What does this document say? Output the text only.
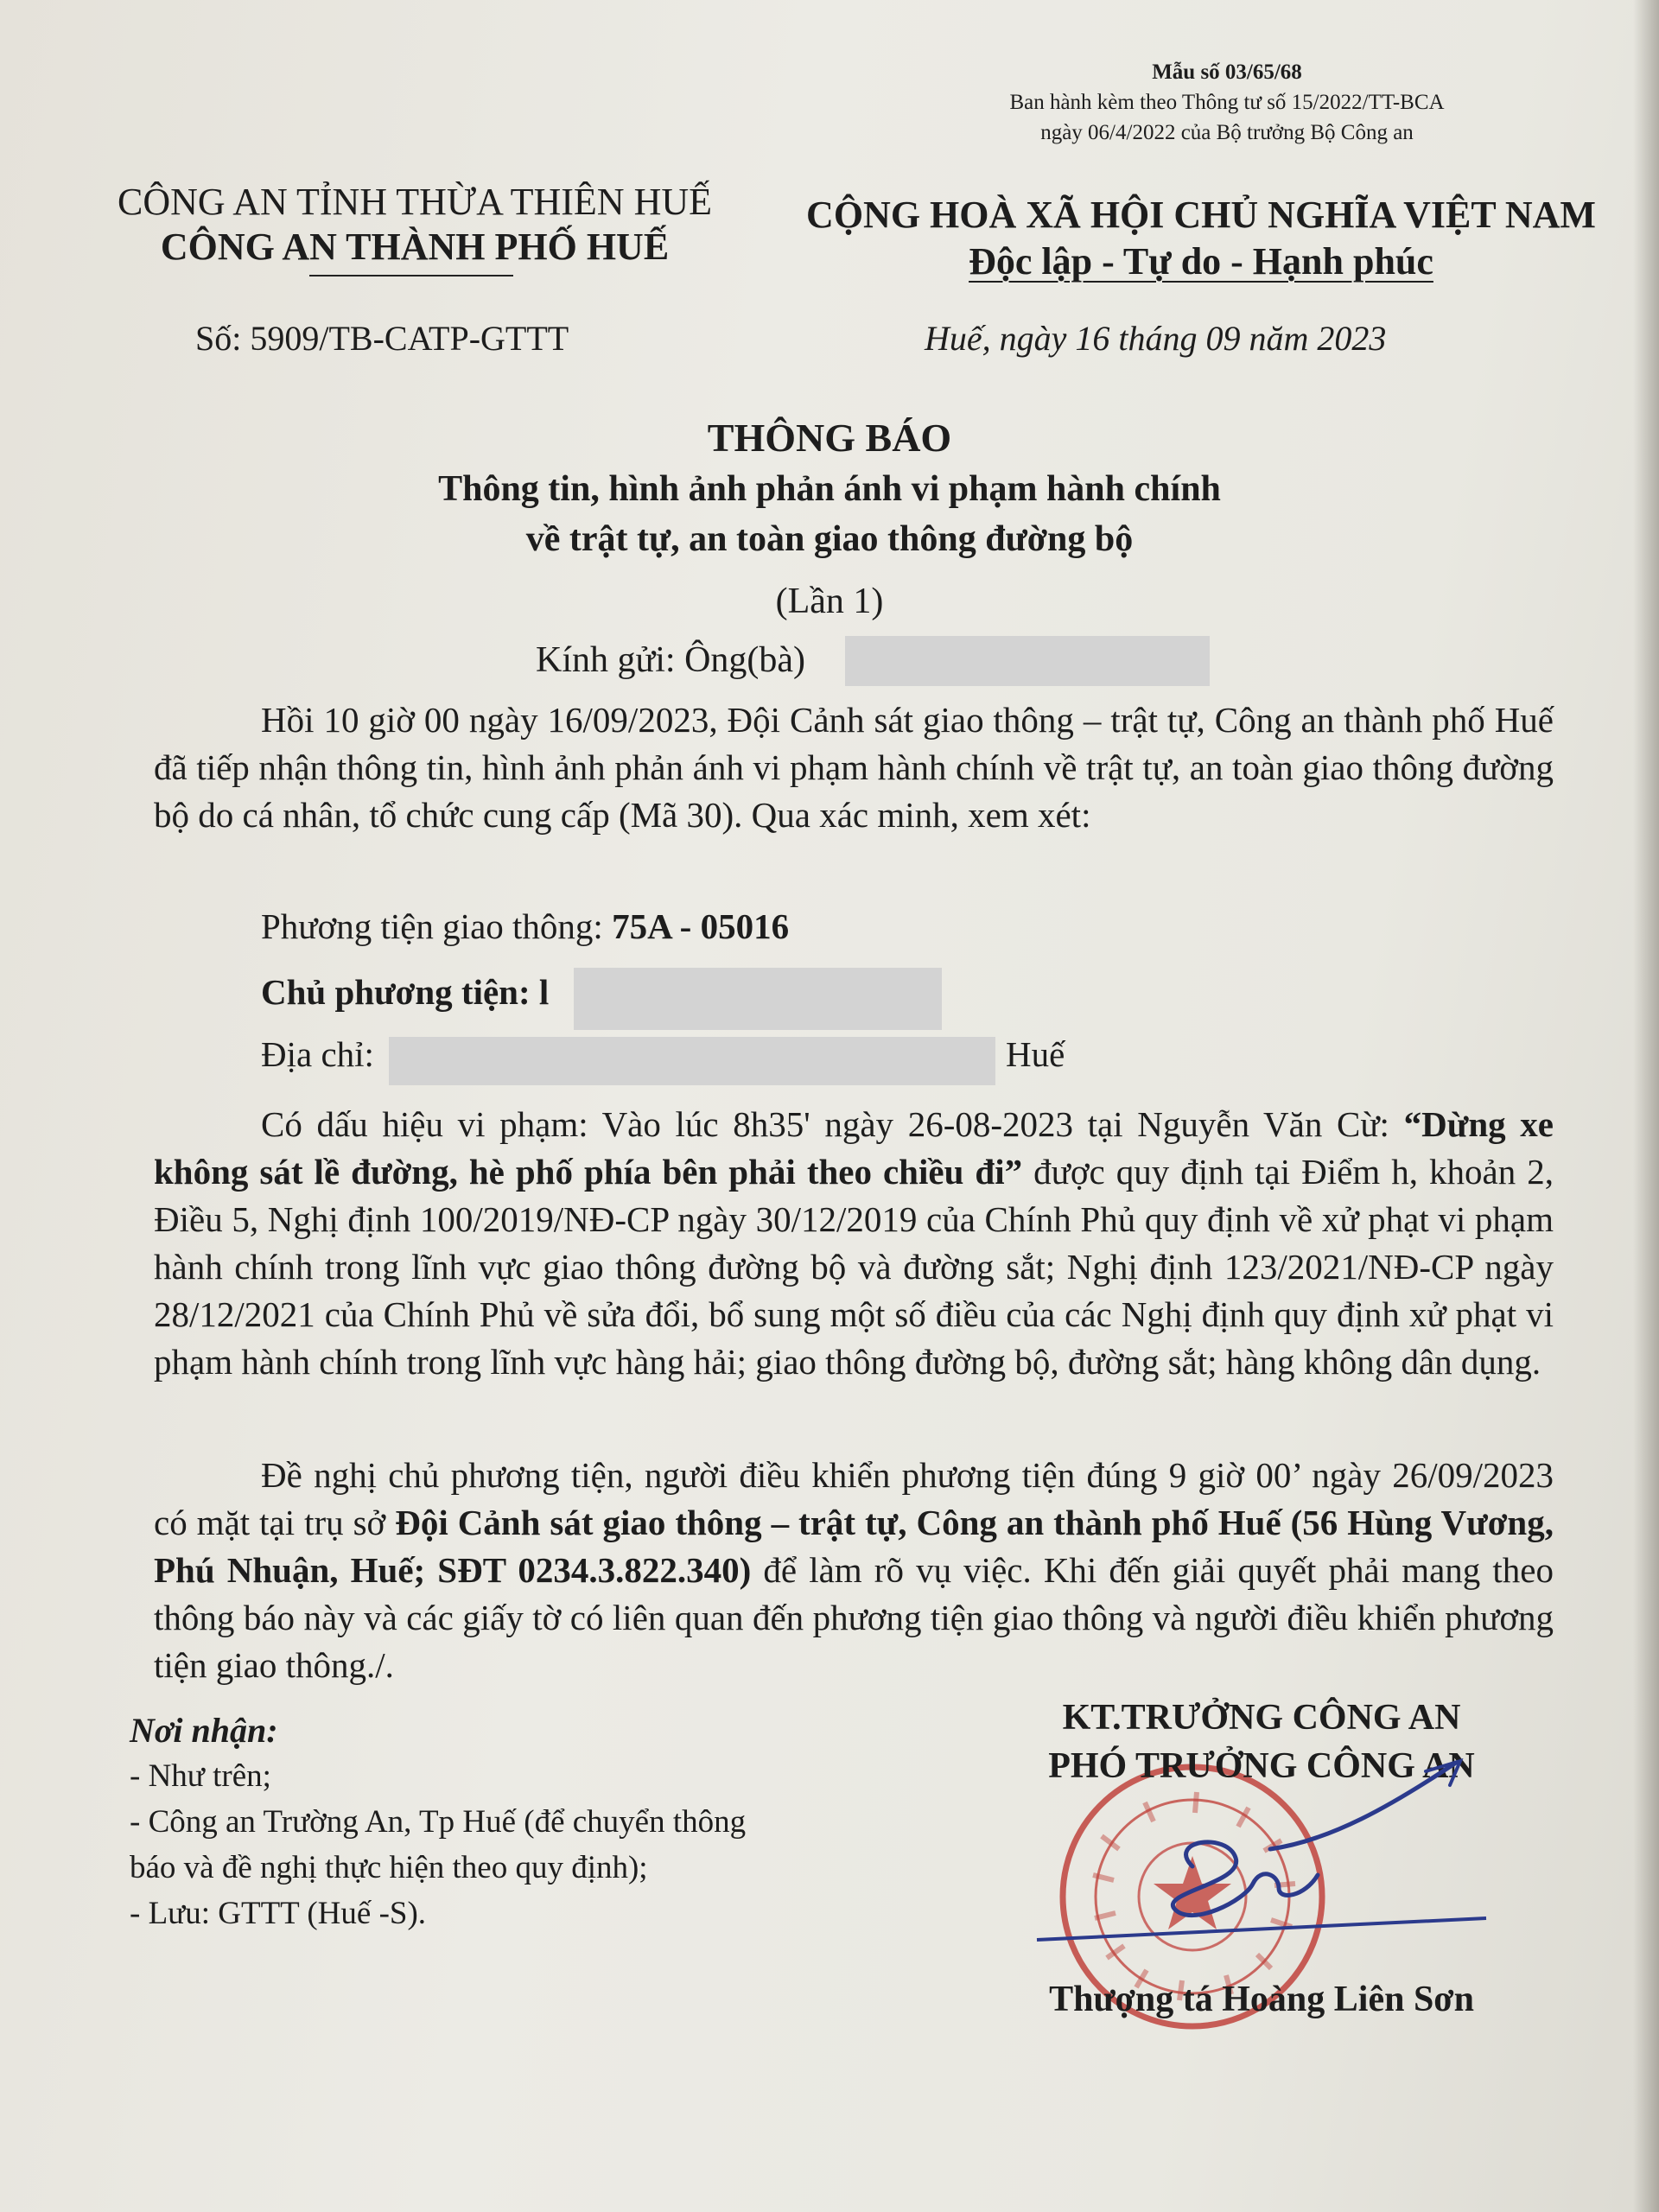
Mẫu số 03/65/68
Ban hành kèm theo Thông tư số 15/2022/TT-BCA
ngày 06/4/2022 của Bộ trưởng Bộ Công an
CÔNG AN TỈNH THỪA THIÊN HUẾ
CÔNG AN THÀNH PHỐ HUẾ
CỘNG HOÀ XÃ HỘI CHỦ NGHĨA VIỆT NAM
Độc lập - Tự do - Hạnh phúc
Số: 5909/TB-CATP-GTTT	Huế, ngày 16 tháng 09 năm 2023
THÔNG BÁO
Thông tin, hình ảnh phản ánh vi phạm hành chính
về trật tự, an toàn giao thông đường bộ
(Lần 1)
Kính gửi: Ông(bà)
Hồi 10 giờ 00 ngày 16/09/2023, Đội Cảnh sát giao thông – trật tự, Công an thành phố Huế đã tiếp nhận thông tin, hình ảnh phản ánh vi phạm hành chính về trật tự, an toàn giao thông đường bộ do cá nhân, tổ chức cung cấp (Mã 30). Qua xác minh, xem xét:
Phương tiện giao thông: 75A - 05016
Chủ phương tiện: l
Địa chỉ:	Huế
Có dấu hiệu vi phạm: Vào lúc 8h35' ngày 26-08-2023 tại Nguyễn Văn Cừ: “Dừng xe không sát lề đường, hè phố phía bên phải theo chiều đi” được quy định tại Điểm h, khoản 2, Điều 5, Nghị định 100/2019/NĐ-CP ngày 30/12/2019 của Chính Phủ quy định về xử phạt vi phạm hành chính trong lĩnh vực giao thông đường bộ và đường sắt; Nghị định 123/2021/NĐ-CP ngày 28/12/2021 của Chính Phủ về sửa đổi, bổ sung một số điều của các Nghị định quy định xử phạt vi phạm hành chính trong lĩnh vực hàng hải; giao thông đường bộ, đường sắt; hàng không dân dụng.
Đề nghị chủ phương tiện, người điều khiển phương tiện đúng 9 giờ 00’ ngày 26/09/2023 có mặt tại trụ sở Đội Cảnh sát giao thông – trật tự, Công an thành phố Huế (56 Hùng Vương, Phú Nhuận, Huế; SĐT 0234.3.822.340) để làm rõ vụ việc. Khi đến giải quyết phải mang theo thông báo này và các giấy tờ có liên quan đến phương tiện giao thông và người điều khiển phương tiện giao thông./.
Nơi nhận:
- Như trên;
- Công an Trường An, Tp Huế (để chuyển thông
báo và đề nghị thực hiện theo quy định);
- Lưu: GTTT (Huế -S).
KT.TRƯỞNG CÔNG AN
PHÓ TRƯỞNG CÔNG AN
Thượng tá Hoàng Liên Sơn
